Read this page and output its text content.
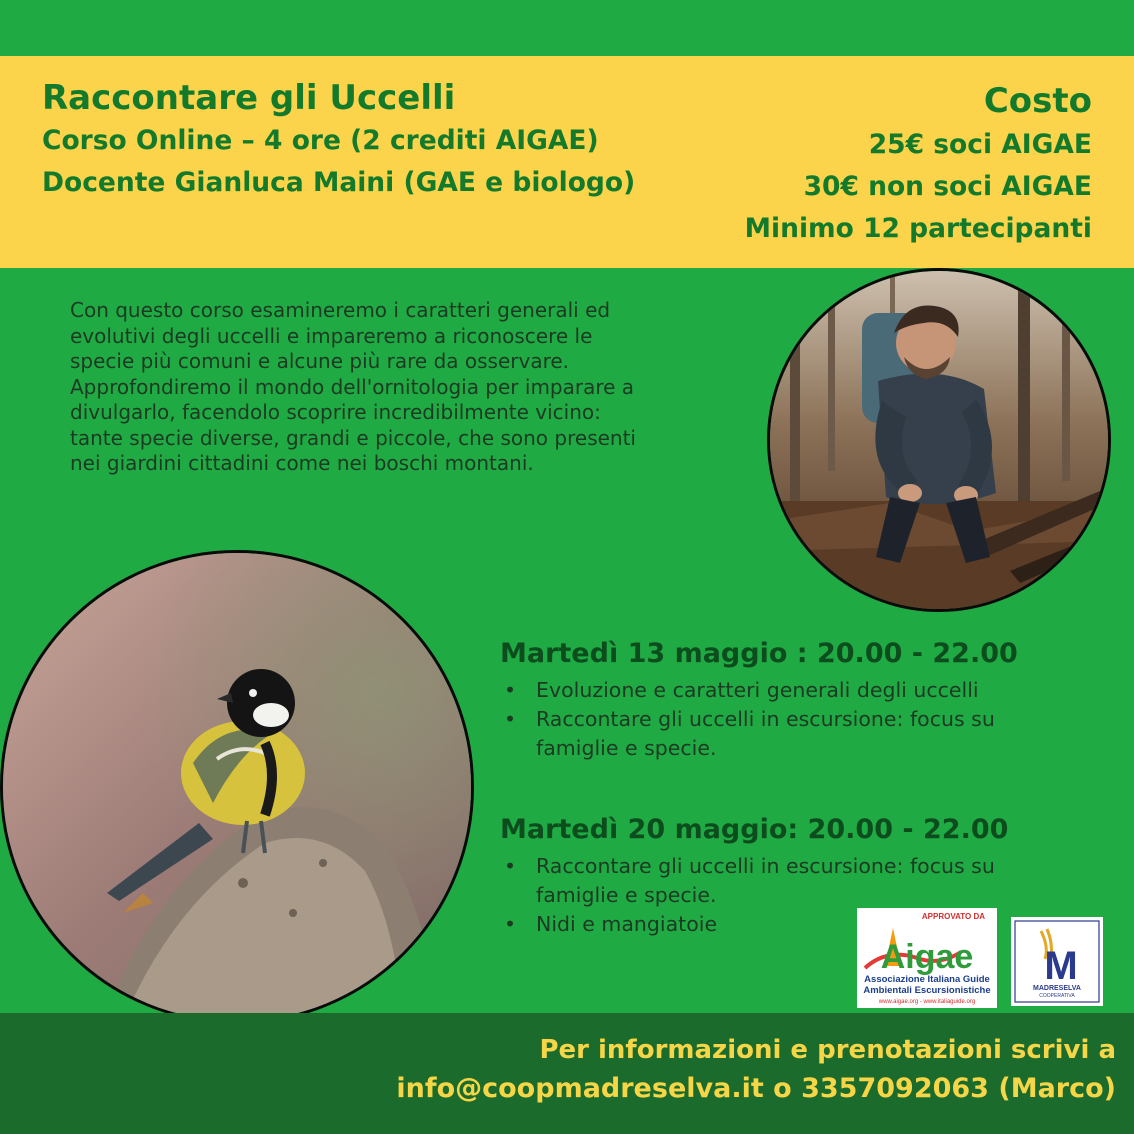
Raccontare gli Uccelli
Corso Online – 4 ore (2 crediti AIGAE)
Docente Gianluca Maini (GAE e biologo)
Costo
25€ soci AIGAE
30€ non soci AIGAE
Minimo 12 partecipanti
Con questo corso esamineremo i caratteri generali ed
evolutivi degli uccelli e impareremo a riconoscere le
specie più comuni e alcune più rare da osservare.
Approfondiremo il mondo dell'ornitologia per imparare a
divulgarlo, facendolo scoprire incredibilmente vicino:
tante specie diverse, grandi e piccole, che sono presenti
nei giardini cittadini come nei boschi montani.
Martedì 13 maggio : 20.00 - 22.00
• Evoluzione e caratteri generali degli uccelli
• Raccontare gli uccelli in escursione: focus su famiglie e specie.
Martedì 20 maggio: 20.00 - 22.00
• Raccontare gli uccelli in escursione: focus su famiglie e specie.
• Nidi e mangiatoie	APPROVATO DA
Aigae
Associazione Italiana Guide
Ambientali Escursionistiche
www.aigae.org - www.italiaguide.org
M
MADRESELVA
COOPERATIVA
Per informazioni e prenotazioni scrivi a
info@coopmadreselva.it o 3357092063 (Marco)
